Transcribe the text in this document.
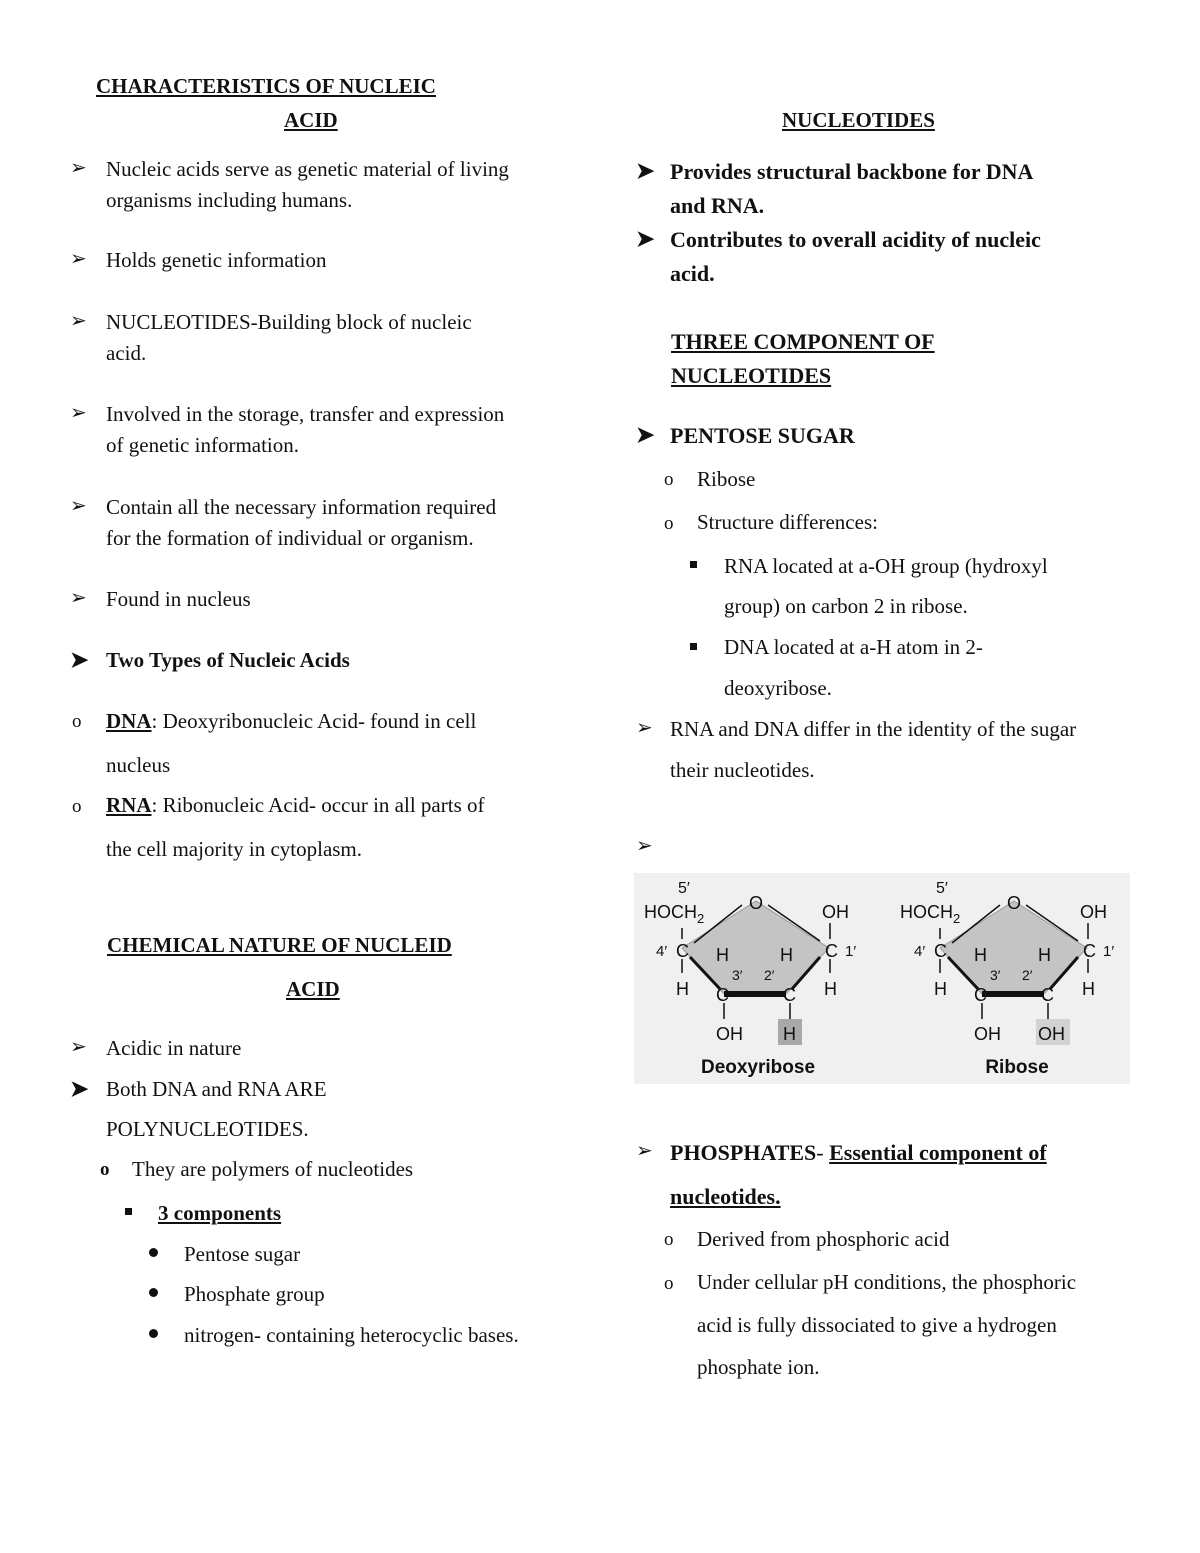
CHARACTERISTICS OF NUCLEIC
ACID
➢ Nucleic acids serve as genetic material of living
organisms including humans.
➢ Holds genetic information
➢ NUCLEOTIDES-Building block of nucleic
acid.
➢ Involved in the storage, transfer and expression
of genetic information.
➢ Contain all the necessary information required
for the formation of individual or organism.
➢ Found in nucleus
➤ Two Types of Nucleic Acids
o DNA: Deoxyribonucleic Acid- found in cell
nucleus
o RNA: Ribonucleic Acid- occur in all parts of
the cell majority in cytoplasm.
CHEMICAL NATURE OF NUCLEID
ACID
➢ Acidic in nature
➤ Both DNA and RNA ARE
POLYNUCLEOTIDES.
o They are polymers of nucleotides
3 components
Pentose sugar
Phosphate group
nitrogen- containing heterocyclic bases.
NUCLEOTIDES
➤ Provides structural backbone for DNA
and RNA.
➤ Contributes to overall acidity of nucleic
acid.
THREE COMPONENT OF
NUCLEOTIDES
➤ PENTOSE SUGAR
o Ribose
o Structure differences:
RNA located at a-OH group (hydroxyl
group) on carbon 2 in ribose.
DNA located at a-H atom in 2-
deoxyribose.
➢ RNA and DNA differ in the identity of the sugar
their nucleotides.
➢
5′
$HOCH_2$
O	OH
4′ C	C 1′
H	H
3′ 2′
H	H
C	C
OH H
Deoxyribose
5′
$HOCH_2$
O	OH
4′ C	C 1′
H	H
3′ 2′
H	H
C	C
OH OH
Ribose
➢ PHOSPHATES- Essential component of
nucleotides.
o Derived from phosphoric acid
o Under cellular pH conditions, the phosphoric
acid is fully dissociated to give a hydrogen
phosphate ion.
